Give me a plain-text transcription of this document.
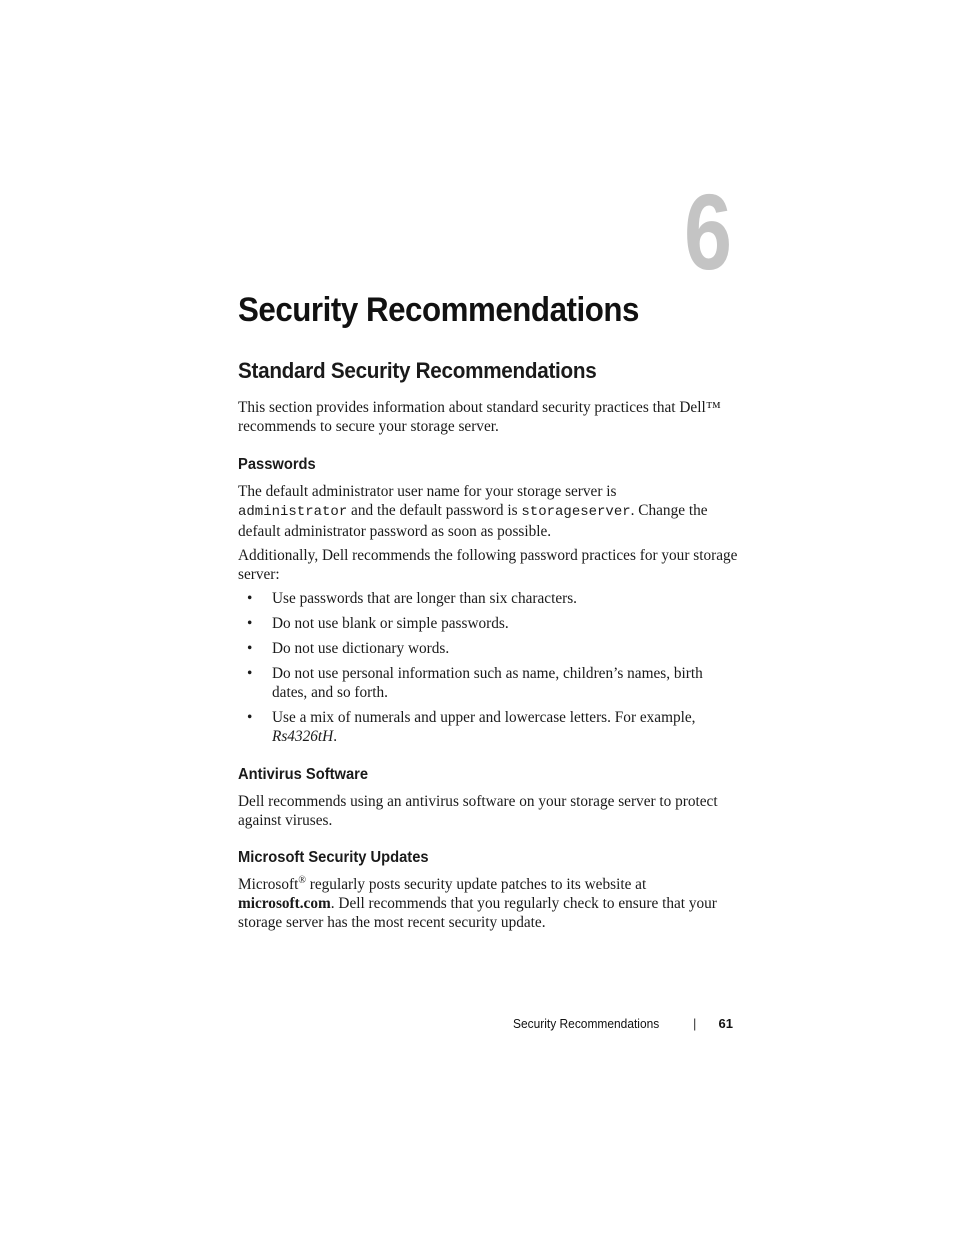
6
Security Recommendations
Standard Security Recommendations

This section provides information about standard security practices that Dell™ recommends to secure your storage server.

Passwords

The default administrator user name for your storage server is
administrator and the default password is storageserver. Change the default administrator password as soon as possible.

Additionally, Dell recommends the following password practices for your storage server:

• Use passwords that are longer than six characters.
• Do not use blank or simple passwords.
• Do not use dictionary words.
• Do not use personal information such as name, children’s names, birth dates, and so forth.
• Use a mix of numerals and upper and lowercase letters. For example, Rs4326tH.
Antivirus Software

Dell recommends using an antivirus software on your storage server to protect against viruses.

Microsoft Security Updates

Microsoft® regularly posts security update patches to its website at microsoft.com. Dell recommends that you regularly check to ensure that your storage server has the most recent security update.

Security Recommendations	| 61
